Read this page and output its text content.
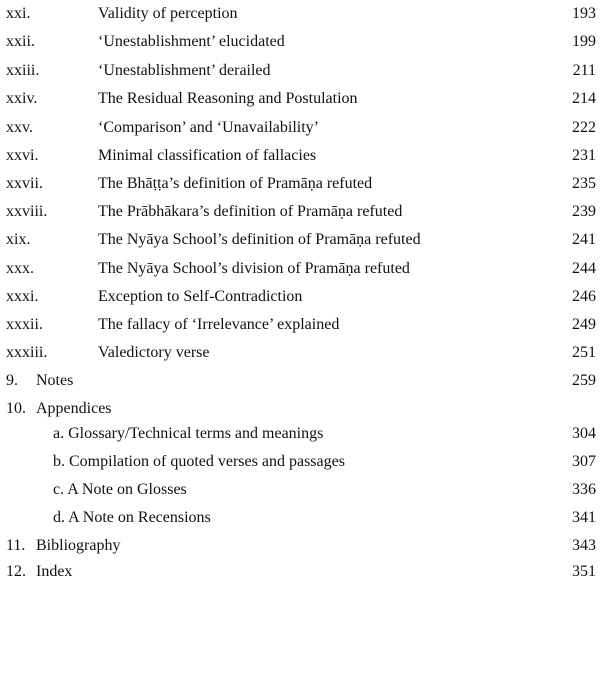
xxi.	Validity of perception	193
xxii.	‘Unestablishment’ elucidated	199
xxiii.	‘Unestablishment’ derailed	211
xxiv.	The Residual Reasoning and Postulation	214
xxv.	‘Comparison’ and ‘Unavailability’	222
xxvi.	Minimal classification of fallacies	231
xxvii.	The Bhāṭṭa’s definition of Pramāṇa refuted	235
xxviii.	The Prābhākara’s definition of Pramāṇa refuted	239
xix.	The Nyāya School’s definition of Pramāṇa refuted	241
xxx.	The Nyāya School’s division of Pramāṇa refuted	244
xxxi.	Exception to Self-Contradiction	246
xxxii.	The fallacy of ‘Irrelevance’ explained	249
xxxiii.	Valedictory verse	251
9. Notes	259
10. Appendices
a. Glossary/Technical terms and meanings	304
b. Compilation of quoted verses and passages	307
c. A Note on Glosses	336
d. A Note on Recensions	341
11. Bibliography	343
12. Index	351
